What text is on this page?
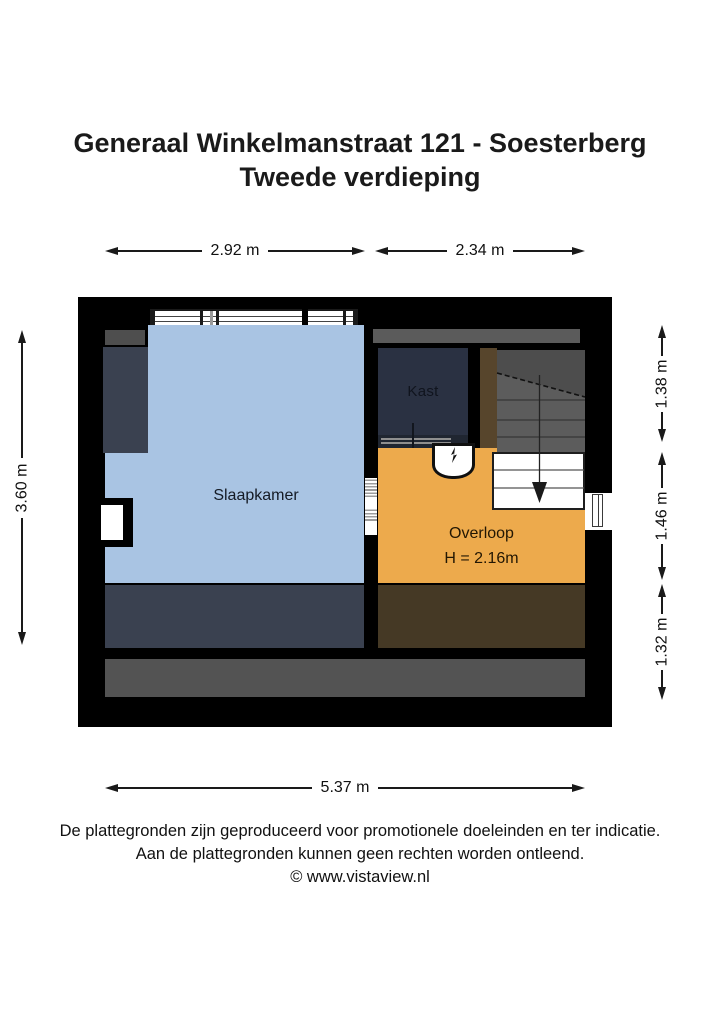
Generaal Winkelmanstraat 121 - Soesterberg
Tweede verdieping
2.92 m	2.34 m
3.60 m
1.38 m
1.46 m
1.32 m
Kast
Slaapkamer
Overloop
H = 2.16m
5.37 m
De plattegronden zijn geproduceerd voor promotionele doeleinden en ter indicatie.
Aan de plattegronden kunnen geen rechten worden ontleend.
© www.vistaview.nl
